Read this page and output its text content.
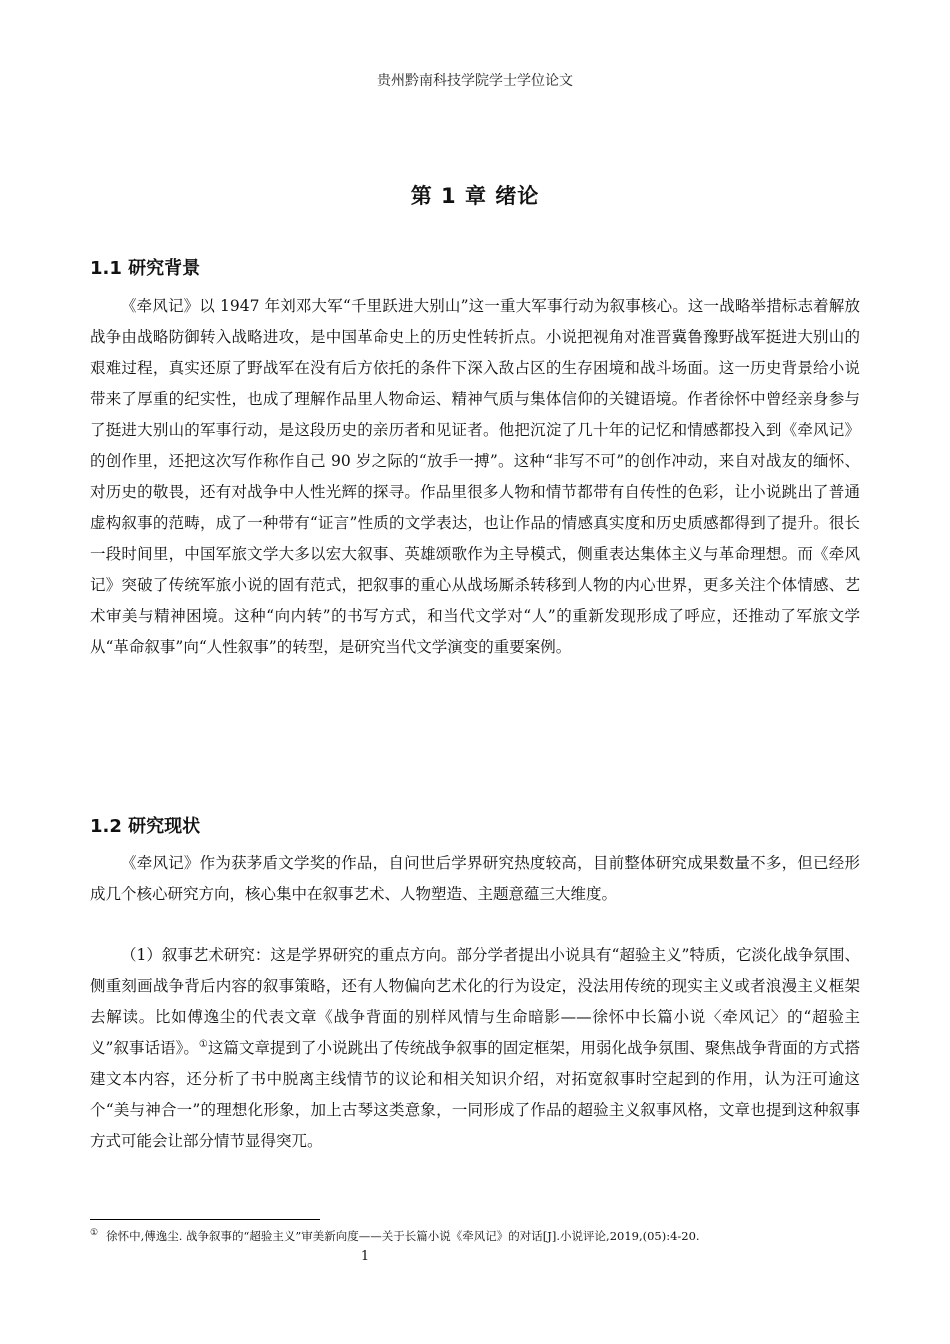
贵州黔南科技学院学士学位论文
第 1 章 绪论
1.1 研究背景

《牵风记》以 1947 年刘邓大军“千里跃进大别山”这一重大军事行动为叙事核心。这一战略举措标志着解放战争由战略防御转入战略进攻，是中国革命史上的历史性转折点。小说把视角对准晋冀鲁豫野战军挺进大别山的艰难过程，真实还原了野战军在没有后方依托的条件下深入敌占区的生存困境和战斗场面。这一历史背景给小说带来了厚重的纪实性，也成了理解作品里人物命运、精神气质与集体信仰的关键语境。作者徐怀中曾经亲身参与了挺进大别山的军事行动，是这段历史的亲历者和见证者。他把沉淀了几十年的记忆和情感都投入到《牵风记》的创作里，还把这次写作称作自己 90 岁之际的“放手一搏”。这种“非写不可”的创作冲动，来自对战友的缅怀、对历史的敬畏，还有对战争中人性光辉的探寻。作品里很多人物和情节都带有自传性的色彩，让小说跳出了普通虚构叙事的范畴，成了一种带有“证言”性质的文学表达，也让作品的情感真实度和历史质感都得到了提升。很长一段时间里，中国军旅文学大多以宏大叙事、英雄颂歌作为主导模式，侧重表达集体主义与革命理想。而《牵风记》突破了传统军旅小说的固有范式，把叙事的重心从战场厮杀转移到人物的内心世界，更多关注个体情感、艺术审美与精神困境。这种“向内转”的书写方式，和当代文学对“人”的重新发现形成了呼应，还推动了军旅文学从“革命叙事”向“人性叙事”的转型，是研究当代文学演变的重要案例。

1.2 研究现状

《牵风记》作为获茅盾文学奖的作品，自问世后学界研究热度较高，目前整体研究成果数量不多，但已经形成几个核心研究方向，核心集中在叙事艺术、人物塑造、主题意蕴三大维度。

（1）叙事艺术研究：这是学界研究的重点方向。部分学者提出小说具有“超验主义”特质，它淡化战争氛围、侧重刻画战争背后内容的叙事策略，还有人物偏向艺术化的行为设定，没法用传统的现实主义或者浪漫主义框架去解读。比如傅逸尘的代表文章《战争背面的别样风情与生命暗影——徐怀中长篇小说〈牵风记〉的“超验主义”叙事话语》。①这篇文章提到了小说跳出了传统战争叙事的固定框架，用弱化战争氛围、聚焦战争背面的方式搭建文本内容，还分析了书中脱离主线情节的议论和相关知识介绍，对拓宽叙事时空起到的作用，认为汪可逾这个“美与神合一”的理想化形象，加上古琴这类意象，一同形成了作品的超验主义叙事风格，文章也提到这种叙事方式可能会让部分情节显得突兀。

① 徐怀中,傅逸尘. 战争叙事的“超验主义”审美新向度——关于长篇小说《牵风记》的对话[J].小说评论,2019,(05):4-20.
1
